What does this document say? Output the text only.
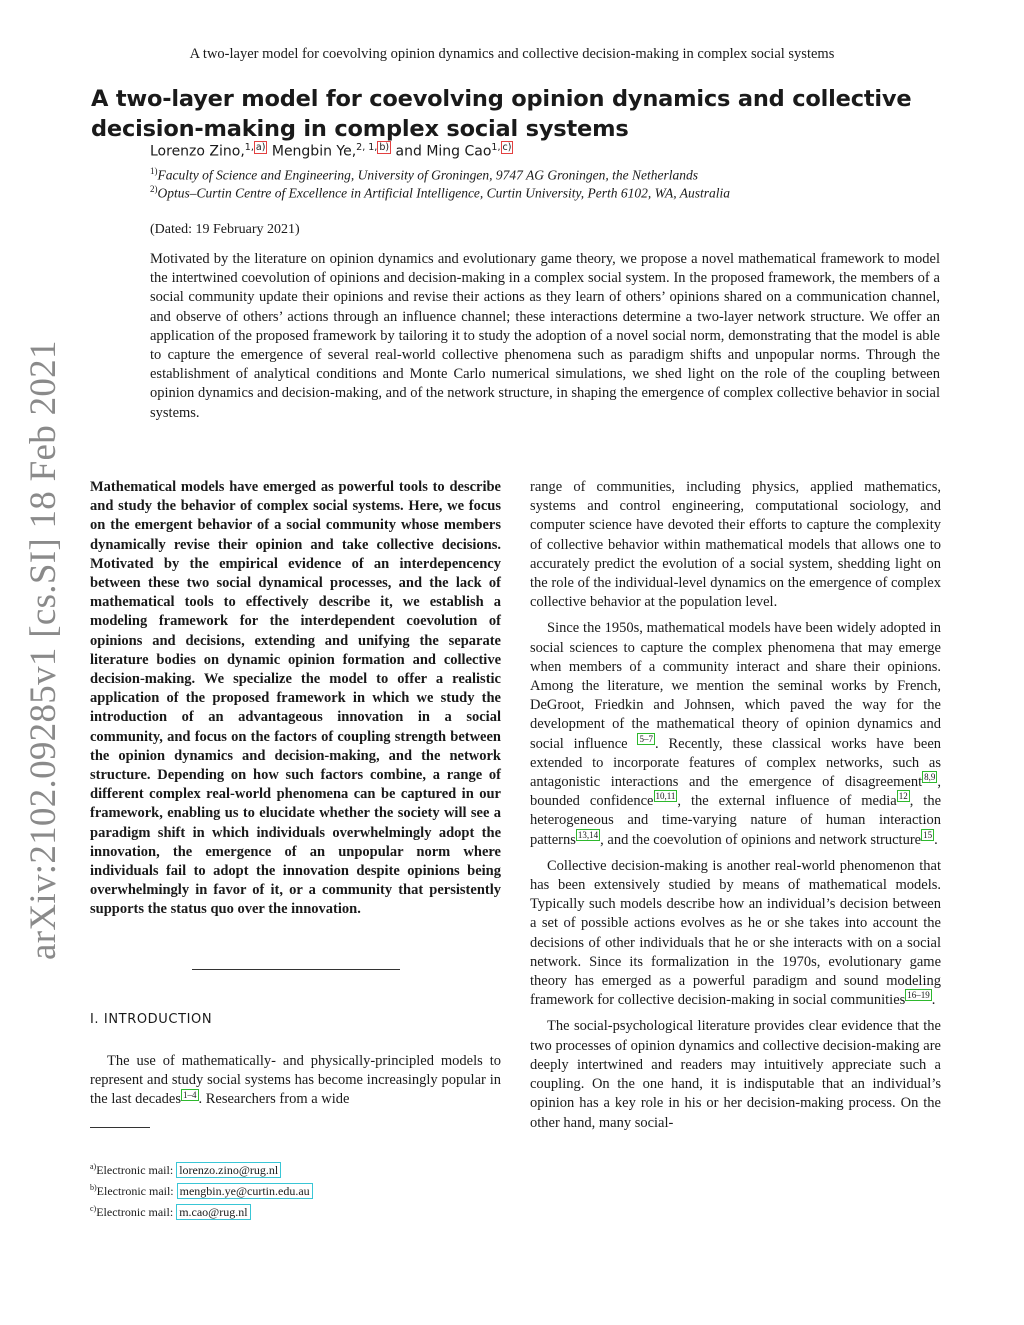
A two-layer model for coevolving opinion dynamics and collective decision-making in complex social systems
A two-layer model for coevolving opinion dynamics and collective
decision-making in complex social systems
Lorenzo Zino,$^{1, a)}$ Mengbin Ye,$^{2, 1, b)}$ and Ming Cao$^{1, c)}$
$^{1)}$Faculty of Science and Engineering, University of Groningen, 9747 AG Groningen, the Netherlands
$^{2)}$Optus–Curtin Centre of Excellence in Artificial Intelligence, Curtin University, Perth 6102, WA, Australia
(Dated: 19 February 2021)
Motivated by the literature on opinion dynamics and evolutionary game theory, we propose a novel mathematical framework to model the intertwined coevolution of opinions and decision-making in a complex social system. In the proposed framework, the members of a social community update their opinions and revise their actions as they learn of others’ opinions shared on a communication channel, and observe of others’ actions through an influence channel; these interactions determine a two-layer network structure. We offer an application of the proposed framework by tailoring it to study the adoption of a novel social norm, demonstrating that the model is able to capture the emergence of several real-world collective phenomena such as paradigm shifts and unpopular norms. Through the establishment of analytical conditions and Monte Carlo numerical simulations, we shed light on the role of the coupling between opinion dynamics and decision-making, and of the network structure, in shaping the emergence of complex collective behavior in social systems.
arXiv:2102.09285v1 [cs.SI] 18 Feb 2021 Mathematical models have emerged as powerful tools to describe and study the behavior of complex social systems. Here, we focus on the emergent behavior of a social community whose members dynamically revise their opinion and take collective decisions. Motivated by the empirical evidence of an interdepencency between these two social dynamical processes, and the lack of mathematical tools to effectively describe it, we establish a modeling framework for the interdependent coevolution of opinions and decisions, extending and unifying the separate literature bodies on dynamic opinion formation and collective decision-making. We specialize the model to offer a realistic application of the proposed framework in which we study the introduction of an advantageous innovation in a social community, and focus on the factors of coupling strength between the opinion dynamics and decision-making, and the network structure. Depending on how such factors combine, a range of different complex real-world phenomena can be captured in our framework, enabling us to elucidate whether the society will see a paradigm shift in which individuals overwhelmingly adopt the innovation, the emergence of an unpopular norm where individuals fail to adopt the innovation despite opinions being overwhelmingly in favor of it, or a community that persistently supports the status quo over the innovation.
I. INTRODUCTION
The use of mathematically- and physically-principled models to represent and study social systems has become increasingly popular in the last decades $^{1-4}$ . Researchers from a wide
$^{a)}$Electronic mail: lorenzo.zino@rug.nl
$^{b)}$Electronic mail: mengbin.ye@curtin.edu.au
$^{c)}$Electronic mail: m.cao@rug.nl

range of communities, including physics, applied mathematics, systems and control engineering, computational sociology, and computer science have devoted their efforts to capture the complexity of collective behavior within mathematical models that allows one to accurately predict the evolution of a social system, shedding light on the role of the individual-level dynamics on the emergence of complex collective behavior at the population level.

Since the 1950s, mathematical models have been widely adopted in social sciences to capture the complex phenomena that may emerge when members of a community interact and share their opinions. Among the literature, we mention the seminal works by French, DeGroot, Friedkin and Johnsen, which paved the way for the development of the mathematical theory of opinion dynamics and social influence $^{5-7}$ . Recently, these classical works have been extended to incorporate features of complex networks, such as antagonistic interactions and the emergence of disagreement $^{8,9}$ , bounded confidence $^{10,11}$ , the external influence of media $^{12}$ , the heterogeneous and time-varying nature of human interaction patterns $^{13,14}$ , and the coevolution of opinions and network structure $^{15}$ .

Collective decision-making is another real-world phenomenon that has been extensively studied by means of mathematical models. Typically such models describe how an individual’s decision between a set of possible actions evolves as he or she takes into account the decisions of other individuals that he or she interacts with on a social network. Since its formalization in the 1970s, evolutionary game theory has emerged as a powerful paradigm and sound modeling framework for collective decision-making in social communities $^{16-19}$ .

The social-psychological literature provides clear evidence that the two processes of opinion dynamics and collective decision-making are deeply intertwined and readers may intuitively appreciate such a coupling. On the one hand, it is indisputable that an individual’s opinion has a key role in his or her decision-making process. On the other hand, many social-
